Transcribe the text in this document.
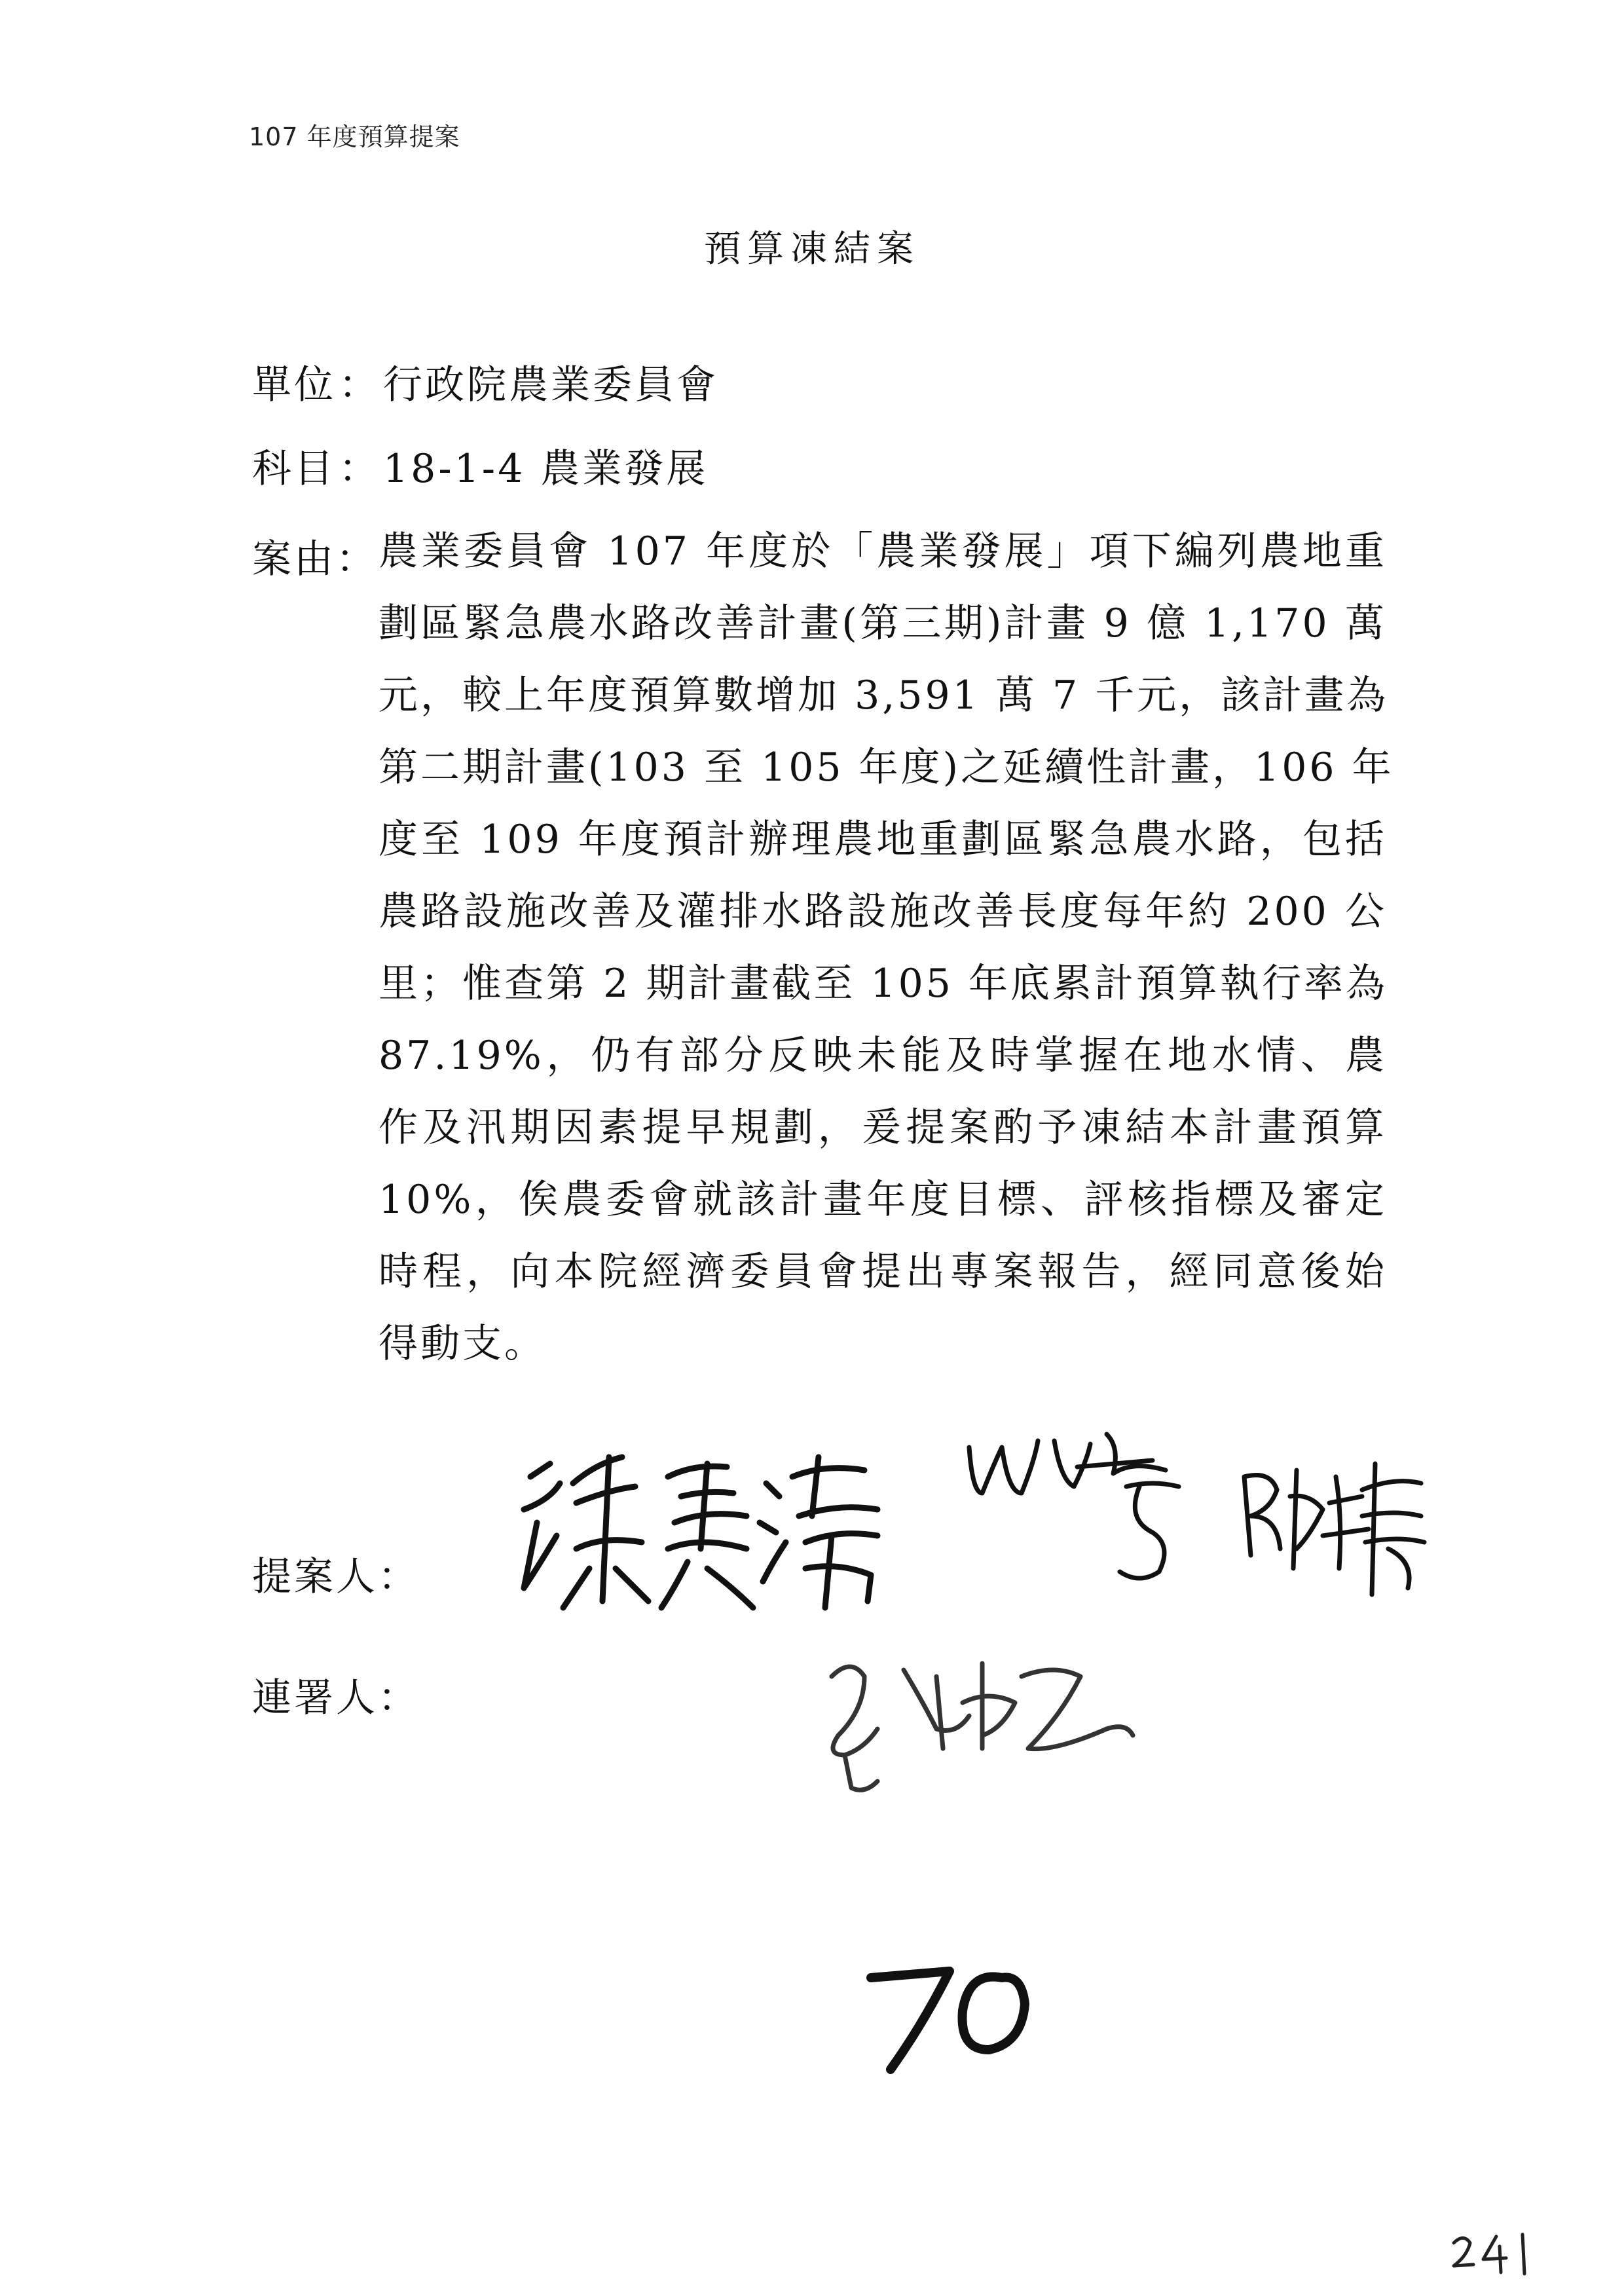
107 年度預算提案
預算凍結案
單位：行政院農業委員會
科目：18-1-4 農業發展
案由： 農業委員會 107 年度於「農業發展」項下編列農地重
劃區緊急農水路改善計畫(第三期)計畫 9 億 1,170 萬
元，較上年度預算數增加 3,591 萬 7 千元，該計畫為
第二期計畫(103 至 105 年度)之延續性計畫，106 年
度至 109 年度預計辦理農地重劃區緊急農水路，包括
農路設施改善及灌排水路設施改善長度每年約 200 公
里；惟查第 2 期計畫截至 105 年底累計預算執行率為
87.19%，仍有部分反映未能及時掌握在地水情、農
作及汛期因素提早規劃，爰提案酌予凍結本計畫預算
10%，俟農委會就該計畫年度目標、評核指標及審定
時程，向本院經濟委員會提出專案報告，經同意後始
得動支。
提案人：
連署人：
